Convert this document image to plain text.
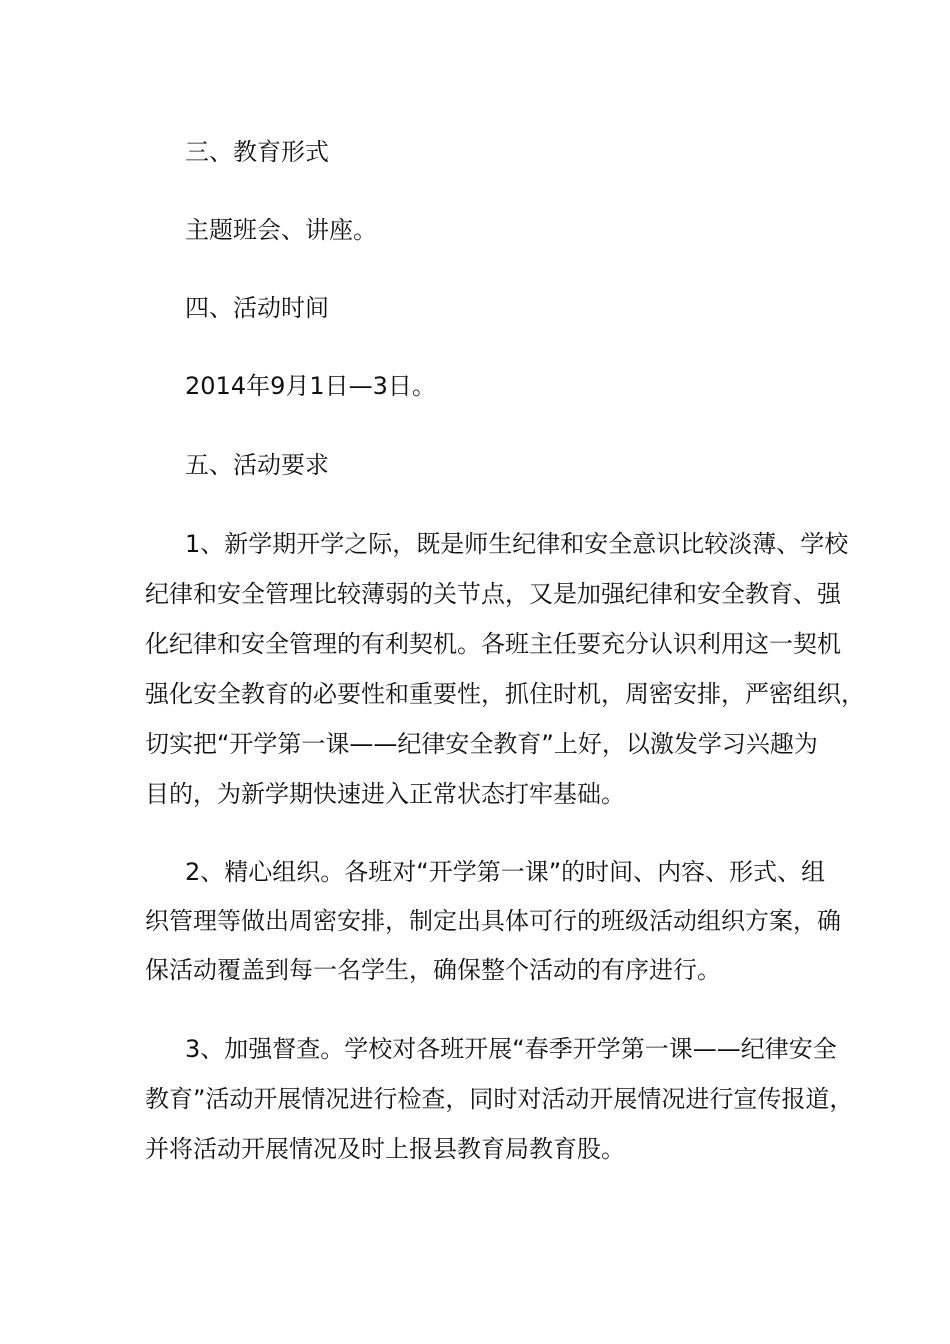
三、教育形式
主题班会、讲座。
四、活动时间
2014年9月1日—3日。
五、活动要求
1、新学期开学之际，既是师生纪律和安全意识比较淡薄、学校
纪律和安全管理比较薄弱的关节点，又是加强纪律和安全教育、强
化纪律和安全管理的有利契机。各班主任要充分认识利用这一契机
强化安全教育的必要性和重要性，抓住时机，周密安排，严密组织，
切实把“开学第一课——纪律安全教育”上好，以激发学习兴趣为
目的，为新学期快速进入正常状态打牢基础。
2、精心组织。各班对“开学第一课”的时间、内容、形式、组
织管理等做出周密安排，制定出具体可行的班级活动组织方案，确
保活动覆盖到每一名学生，确保整个活动的有序进行。
3、加强督查。学校对各班开展“春季开学第一课——纪律安全
教育”活动开展情况进行检查，同时对活动开展情况进行宣传报道，
并将活动开展情况及时上报县教育局教育股。
